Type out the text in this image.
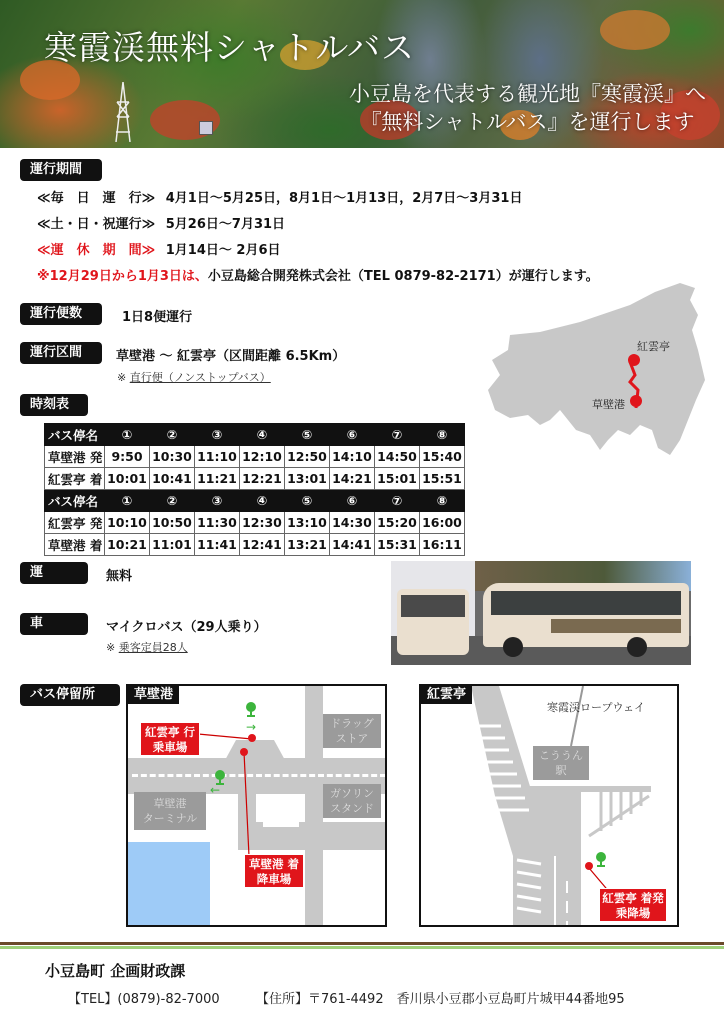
寒霞渓無料シャトルバス
小豆島を代表する観光地『寒霞渓』へ
『無料シャトルバス』を運行します
運行期間
≪毎　日　運　行≫ 4月1日～5月25日，8月1日～1月13日，2月7日～3月31日
≪土・日・祝運行≫ 5月26日～7月31日
≪運　休　期　間≫ 1月14日～ 2月6日
※12月29日から1月3日は、小豆島総合開発株式会社（TEL 0879-82-2171）が運行します。
運行便数	1日8便運行
運行区間	草壁港 ～ 紅雲亭（区間距離 6.5Km）
※ 直行便（ノンストップバス）
紅雲亭
草壁港
時刻表
バス停名	①	②	③	④	⑤	⑥	⑦	⑧
草壁港 発	9:50	10:30	11:10	12:10	12:50	14:10	14:50	15:40
紅雲亭 着	10:01	10:41	11:21	12:21	13:01	14:21	15:01	15:51
バス停名	①	②	③	④	⑤	⑥	⑦	⑧
紅雲亭 発	10:10	10:50	11:30	12:30	13:10	14:30	15:20	16:00
草壁港 着	10:21	11:01	11:41	12:41	13:21	14:41	15:31	16:11
運　賃
無料
車　両
マイクロバス（29人乗り）
※ 乗客定員28人
バス停留所
ドラッグ
ストア
ガソリン
スタンド
草壁港
ターミナル
→
←
紅雲亭 行
乗車場
草壁港 着
降車場
草壁港
こううん
駅
寒霞渓ロープウェイ
紅雲亭 着発
乗降場
紅雲亭
小豆島町 企画財政課
【TEL】(0879)-82-7000	【住所】〒761-4492　香川県小豆郡小豆島町片城甲44番地95
